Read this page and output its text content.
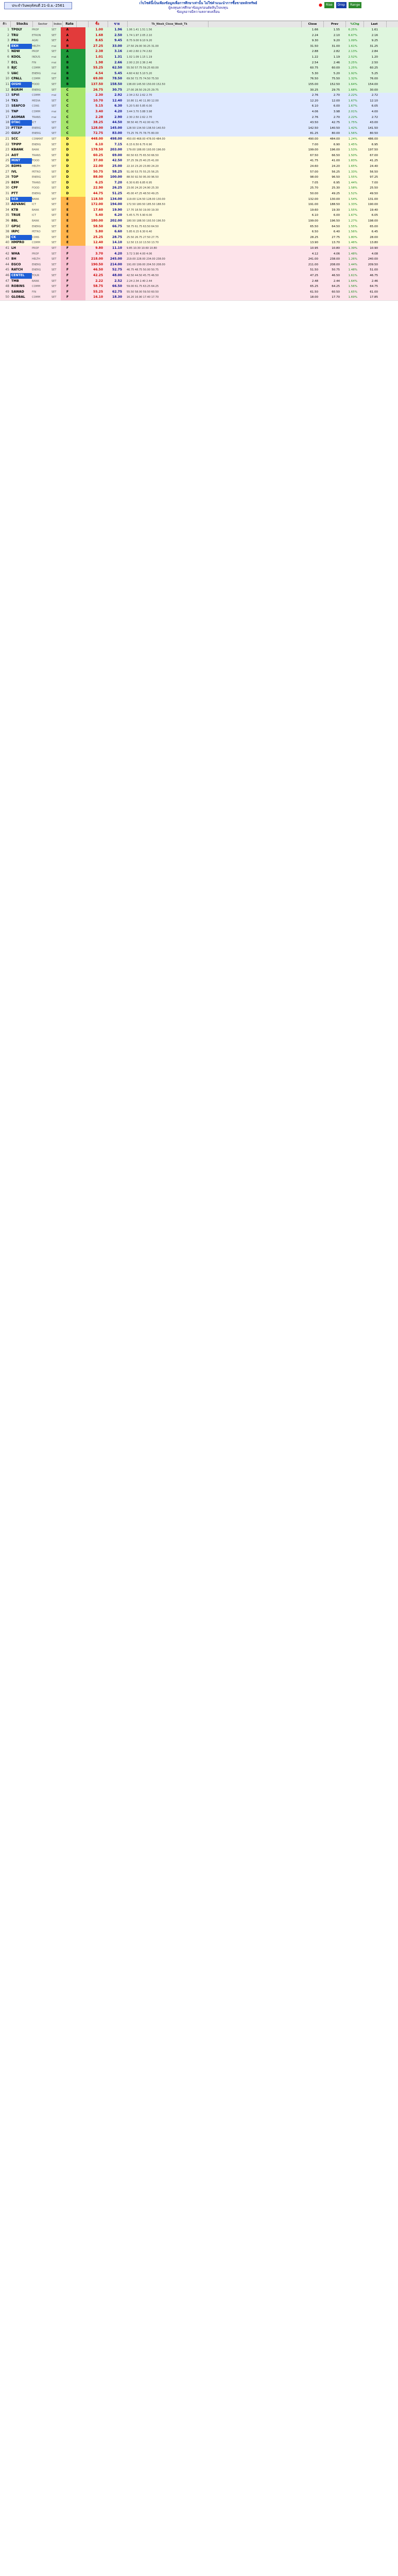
ประจำวันพฤหัสบดี 21-มิ.ย.-2561
เว็บไซต์นี้เป็นเพียงข้อมูลเพื่อการศึกษาเท่านั้น ไม่ใช่คำแนะนำการซื้อขายหลักทรัพย์
ผู้ลงทุนควรศึกษาข้อมูลก่อนตัดสินใจลงทุน
ข้อมูลอาจมีความคลาดเคลื่อน
●	Rise	Drop	Range
คิว	Stocks	Sector	Index	Rate	ซื้อ	ขาย	Tk_Week_Close_Week_Tk	Close	Prev	%Chg	Last
1 TPOLY	PROP	SET	A	1.00	1.96	1.06 1.41 1.51 1.56	1.66	1.55	6.25%	1.61
2 TRU	ETRON	SET	A	1.68	2.50	1.74 1.97 2.05 2.10	2.24	2.10	6.67%	2.16
3 PRG	AGRI	SET	A	8.65	9.45	8.75 9.00 9.10 9.20	9.30	9.20	1.09%	9.25
4 EKH	HELTH	mai	B	27.25	33.00	27.50 29.00 30.25 31.00	31.50	31.00	1.61%	31.25
5 NDW	PROP	SET	A	2.38	3.16	2.40 2.60 2.74 2.82	2.88	2.82	2.13%	2.84
6 KOOL	INDUS	mai	A	1.01	1.31	1.02 1.09 1.15 1.19	1.22	1.19	2.52%	1.20
7 ECL	FIN	mai	B	1.98	2.66	2.00 2.20 2.36 2.46	2.54	2.46	3.25%	2.50
8 BJC	COMM	SET	B	55.25	62.50	55.50 57.75 59.25 60.00	60.75	60.00	1.25%	60.25
9 UAC	ENERG	mai	B	4.54	5.45	4.60 4.92 5.10 5.20	5.30	5.20	1.92%	5.25
10 CPALL	COMM	SET	B	69.00	78.50	69.50 72.75 74.50 75.50	76.50	75.50	1.32%	76.00
11 OISHI	FOOD	SET	B	137.50	158.50	138.00 145.50 150.00 152.50	155.00	152.50	1.64%	154.00
12 BGRIM	ENERG	SET	C	26.75	30.75	27.00 28.50 29.25 29.75	30.25	29.75	1.68%	30.00
13 SPVI	COMM	mai	C	2.30	2.92	2.34 2.52 2.62 2.70	2.76	2.70	2.22%	2.72
14 TKS	MEDIA	SET	C	10.70	12.40	10.80 11.40 11.80 12.00	12.20	12.00	1.67%	12.10
15 SEAFCO	CONS	SET	C	5.15	6.30	5.20 5.60 5.85 6.00	6.10	6.00	1.67%	6.05
16 TNP	COMM	mai	C	3.40	4.20	3.44 3.70 3.88 3.98	4.06	3.98	2.01%	4.00
17 ASIMAR	TRANS	mai	C	2.28	2.90	2.30 2.50 2.62 2.70	2.76	2.70	2.22%	2.72
18 DTAC	ICT	SET	C	38.25	44.50	38.50 40.75 42.00 42.75	43.50	42.75	1.75%	43.00
19 PTTEP	ENERG	SET	C	128.00	145.00	128.50 134.50 138.50 140.50	142.50	140.50	1.42%	141.50
20 GULF	ENERG	SET	C	72.75	83.00	73.25 76.75 78.75 80.00	81.25	80.00	1.56%	80.50
21 SCC	CONMAT	SET	D	448.00	498.00	450.00 468.00 478.00 484.00	490.00	484.00	1.24%	486.00
22 TPIPP	ENERG	SET	D	6.10	7.15	6.15 6.50 6.75 6.90	7.00	6.90	1.45%	6.95
23 KBANK	BANK	SET	D	178.50	203.00	179.00 188.00 193.00 196.00	199.00	196.00	1.53%	197.50
24 AOT	TRANS	SET	D	60.25	69.00	60.50 63.75 65.50 66.50	67.50	66.50	1.50%	67.00
25 MINT	FOOD	SET	D	37.00	42.50	37.25 39.25 40.25 41.00	41.75	41.00	1.83%	41.25
26 BDMS	HELTH	SET	D	22.00	25.00	22.10 23.20 23.80 24.20	24.60	24.20	1.65%	24.40
27 IVL	PETRO	SET	D	50.75	58.25	51.00 53.75 55.25 56.25	57.00	56.25	1.33%	56.50
28 TOP	ENERG	SET	D	88.00	100.00	88.50 92.50 95.00 96.50	98.00	96.50	1.55%	97.25
29 BEM	TRANS	SET	D	6.25	7.20	6.30 6.65 6.85 6.95	7.05	6.95	1.44%	7.00
30 CPF	FOOD	SET	D	22.90	26.25	23.00 24.20 24.90 25.30	25.70	25.30	1.58%	25.50
31 PTT	ENERG	SET	D	44.75	51.25	45.00 47.25 48.50 49.25	50.00	49.25	1.52%	49.50
32 SCB	BANK	SET	E	118.50	134.00	119.00 124.50 128.00 130.00	132.00	130.00	1.54%	131.00
33 ADVANC	ICT	SET	E	172.00	194.00	172.50 180.50 185.50 188.50	191.00	188.50	1.33%	190.00
34 KTB	BANK	SET	E	17.60	19.90	17.70 18.50 19.00 19.30	19.60	19.30	1.55%	19.40
35 TRUE	ICT	SET	E	5.40	6.20	5.45 5.75 5.90 6.00	6.10	6.00	1.67%	6.05
36 BBL	BANK	SET	E	180.00	202.00	180.50 188.50 193.50 196.50	199.00	196.50	1.27%	198.00
37 GPSC	ENERG	SET	E	58.50	66.75	58.75 61.75 63.50 64.50	65.50	64.50	1.55%	65.00
38 IRPC	PETRO	SET	E	5.80	6.60	5.85 6.15 6.30 6.40	6.50	6.40	1.56%	6.45
39 CK	CONS	SET	E	25.25	28.75	25.50 26.75 27.50 27.75	28.25	27.75	1.80%	28.00
40 HMPRO	COMM	SET	E	12.40	14.10	12.50 13.10 13.50 13.70	13.90	13.70	1.46%	13.80
41 LH	PROP	SET	F	9.80	11.10	9.85 10.30 10.60 10.80	10.95	10.80	1.39%	10.90
42 WHA	PROP	SET	F	3.70	4.20	3.72 3.90 4.00 4.06	4.12	4.06	1.48%	4.08
43 BH	HELTH	SET	F	218.00	245.00	219.00 228.00 234.00 238.00	241.00	238.00	1.26%	240.00
44 EGCO	ENERG	SET	F	190.50	214.00	191.00 199.00 204.50 208.00	211.00	208.00	1.44%	209.50
45 RATCH	ENERG	SET	F	46.50	52.75	46.75 48.75 50.00 50.75	51.50	50.75	1.48%	51.00
46 CENTEL	TOUR	SET	F	42.25	48.00	42.50 44.50 45.75 46.50	47.25	46.50	1.61%	46.75
47 TMB	BANK	SET	F	2.22	2.52	2.24 2.34 2.40 2.44	2.48	2.44	1.64%	2.46
48 ROBINS	COMM	SET	F	58.75	66.50	59.00 61.75 63.25 64.25	65.25	64.25	1.56%	64.75
49 SAWAD	FIN	SET	F	55.25	62.75	55.50 58.00 59.50 60.50	61.50	60.50	1.65%	61.00
50 GLOBAL	COMM	SET	F	16.10	18.30	16.20 16.90 17.40 17.70	18.00	17.70	1.69%	17.85
